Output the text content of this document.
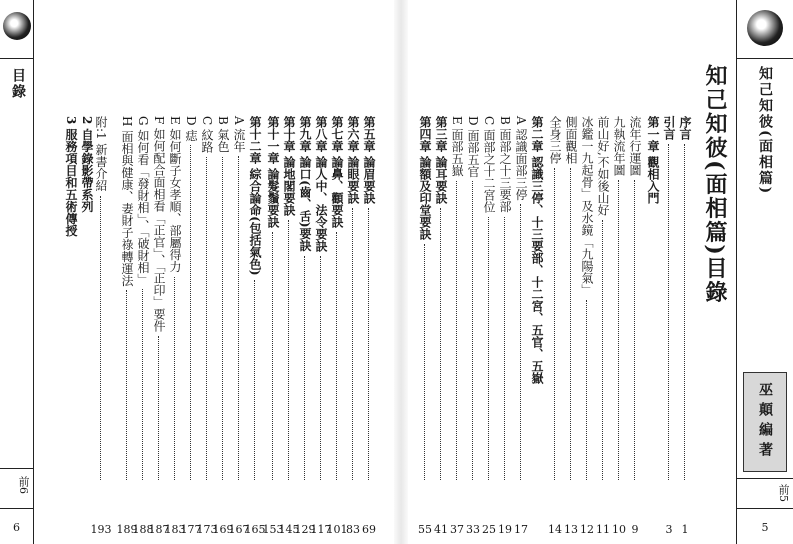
目錄
前6
6
知己知彼(面相篇)
巫顛編著
前5
5
知己知彼(面相篇)目錄
序言
1
引言
3
第一章 觀相入門
流年行運圖
9
九執流年圖
10
前山好,不如後山好
11
冰鑑一九起骨」及水鏡「九陽氣」
12
側面觀相
13
全身三停
14
第二章 認識三停、十三要部、十二宮、五官、五嶽
A 認識面部三停
17
B 面部之十三要部
19
C 面部之十二宮位
25
D 面部五官
33
E 面部五嶽
37
第三章 論耳要訣
41
第四章 論額及印堂要訣
55
第五章 論眉要訣
69
第六章 論眼要訣
83
第七章 論鼻、顴要訣
101
第八章 論人中、法令要訣
117
第九章 論口(齒、舌)要訣
129
第十章 論地閣要訣
145
第十一章 論髮鬚要訣
153
第十二章 綜合論命(包括氣色)
165
A 流年
167
B 氣色
169
C 紋路
173
D 痣
177
E 如何斷子女孝順、部屬得力
183
F 如何配合面相看「正官」、「正印」要件
187
G 如何看「發財相」、「破財相」
188
H 面相與健康、妻財子祿轉運法
189
附:1 新書介紹
193
2 自學錄影帶系列
3 服務項目和五術傳授
